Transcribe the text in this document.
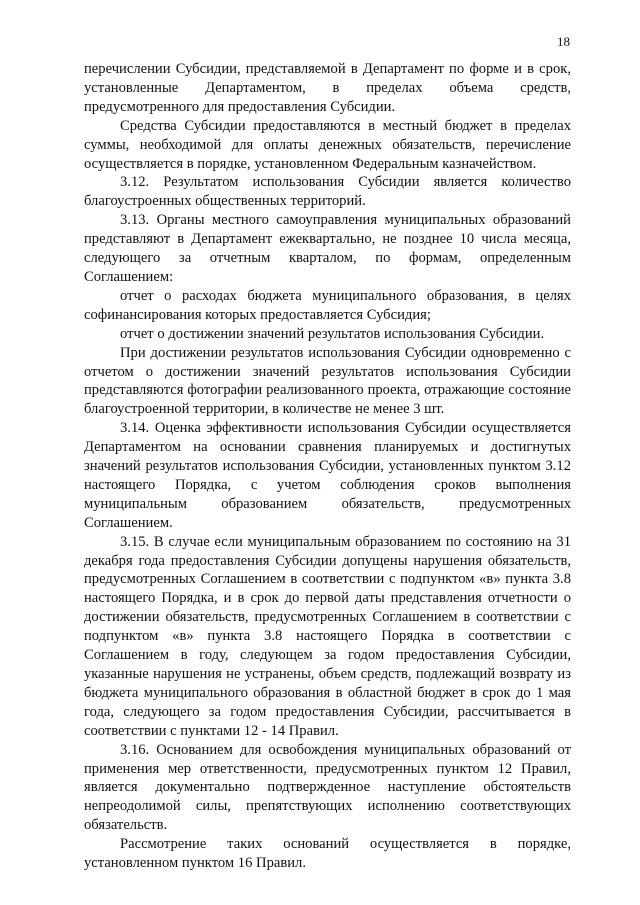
18

перечислении Субсидии, представляемой в Департамент по форме и в срок, установленные Департаментом, в пределах объема средств, предусмотренного для предоставления Субсидии.

Средства Субсидии предоставляются в местный бюджет в пределах суммы, необходимой для оплаты денежных обязательств, перечисление осуществляется в порядке, установленном Федеральным казначейством.

3.12. Результатом использования Субсидии является количество благоустроенных общественных территорий.

3.13. Органы местного самоуправления муниципальных образований представляют в Департамент ежеквартально, не позднее 10 числа месяца, следующего за отчетным кварталом, по формам, определенным Соглашением:

отчет о расходах бюджета муниципального образования, в целях софинансирования которых предоставляется Субсидия;

отчет о достижении значений результатов использования Субсидии.

При достижении результатов использования Субсидии одновременно с отчетом о достижении значений результатов использования Субсидии представляются фотографии реализованного проекта, отражающие состояние благоустроенной территории, в количестве не менее 3 шт.

3.14. Оценка эффективности использования Субсидии осуществляется Департаментом на основании сравнения планируемых и достигнутых значений результатов использования Субсидии, установленных пунктом 3.12 настоящего Порядка, с учетом соблюдения сроков выполнения муниципальным образованием обязательств, предусмотренных Соглашением.

3.15. В случае если муниципальным образованием по состоянию на 31 декабря года предоставления Субсидии допущены нарушения обязательств, предусмотренных Соглашением в соответствии с подпунктом «в» пункта 3.8 настоящего Порядка, и в срок до первой даты представления отчетности о достижении обязательств, предусмотренных Соглашением в соответствии с подпунктом «в» пункта 3.8 настоящего Порядка в соответствии с Соглашением в году, следующем за годом предоставления Субсидии, указанные нарушения не устранены, объем средств, подлежащий возврату из бюджета муниципального образования в областной бюджет в срок до 1 мая года, следующего за годом предоставления Субсидии, рассчитывается в соответствии с пунктами 12 - 14 Правил.

3.16. Основанием для освобождения муниципальных образований от применения мер ответственности, предусмотренных пунктом 12 Правил, является документально подтвержденное наступление обстоятельств непреодолимой силы, препятствующих исполнению соответствующих обязательств.

Рассмотрение таких оснований осуществляется в порядке, установленном пунктом 16 Правил.
